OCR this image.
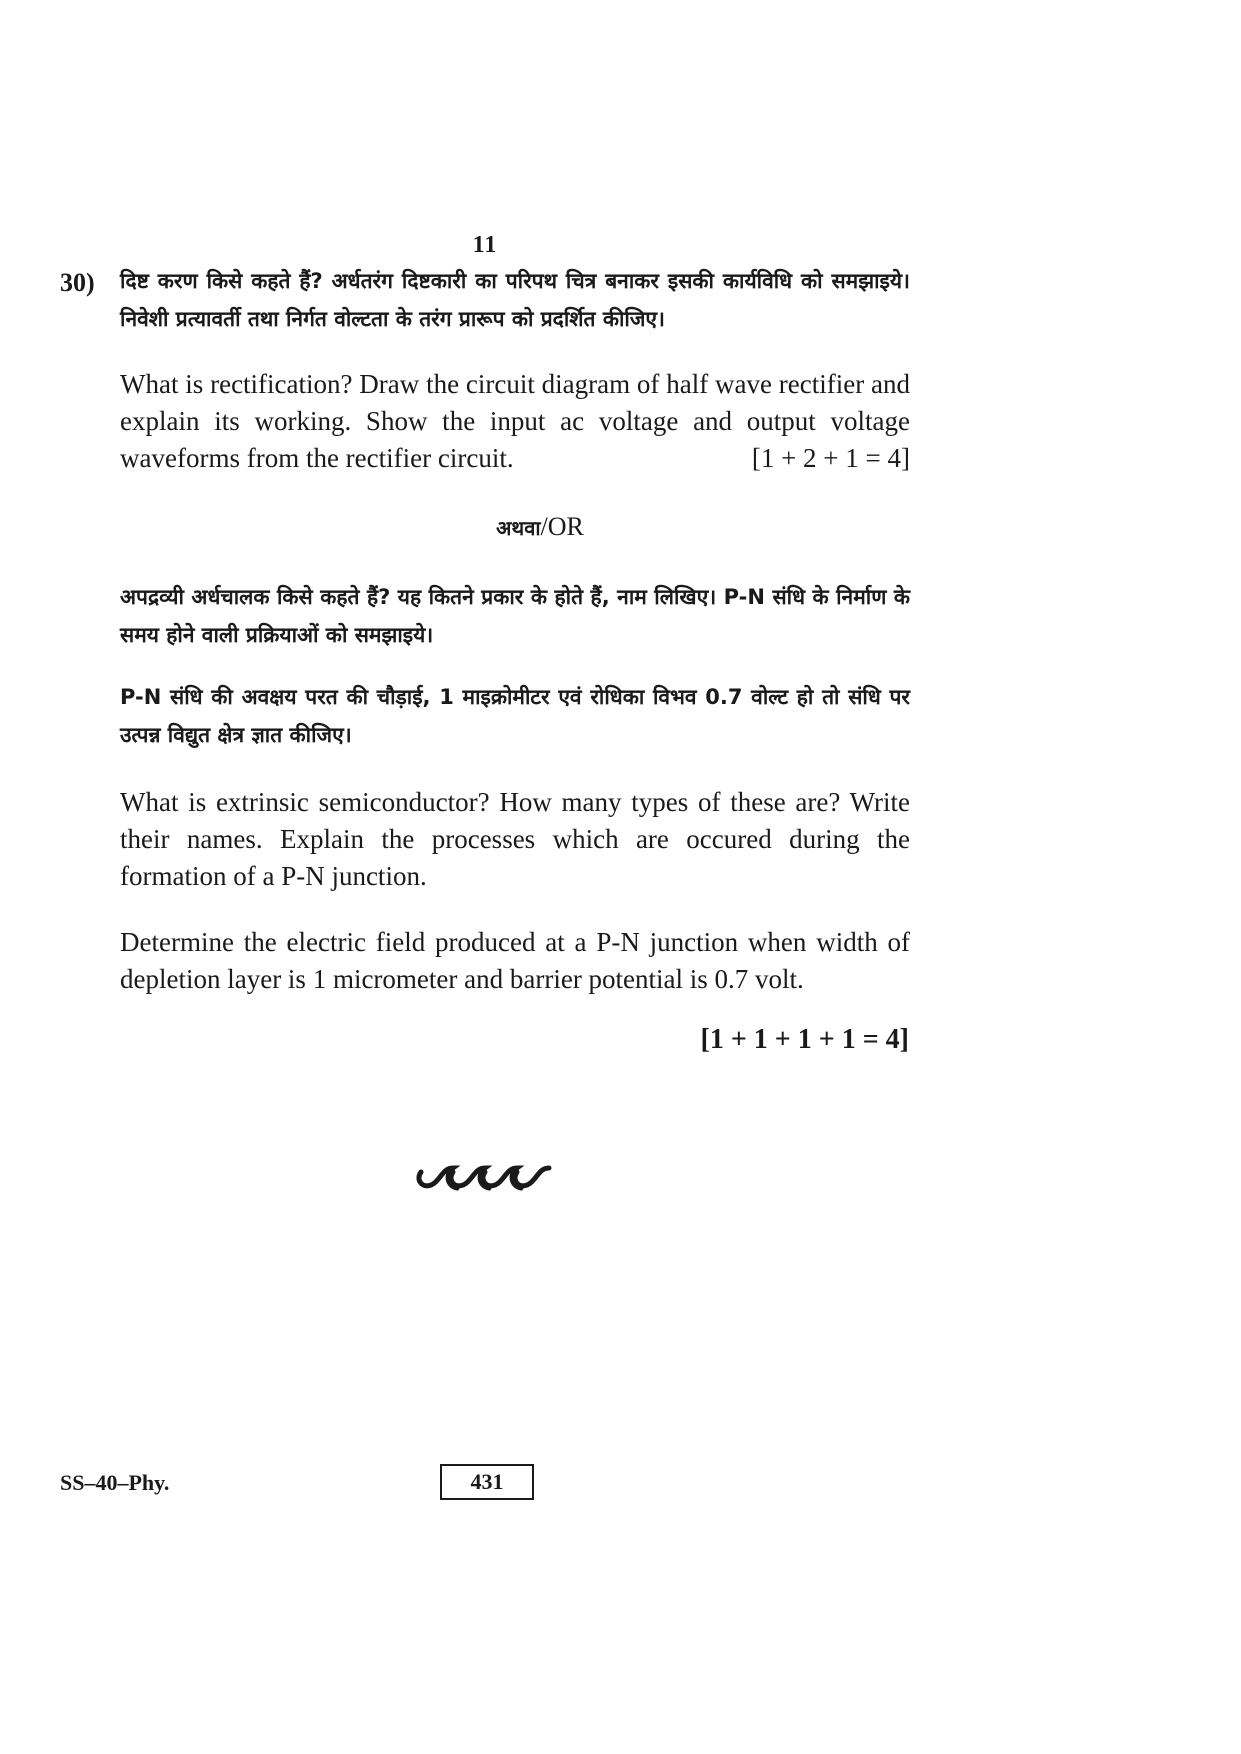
11
30) दिष्ट करण किसे कहते हैं? अर्धतरंग दिष्टकारी का परिपथ चित्र बनाकर इसकी कार्यविधि को समझाइये। निवेशी प्रत्यावर्ती तथा निर्गत वोल्टता के तरंग प्रारूप को प्रदर्शित कीजिए।

What is rectification? Draw the circuit diagram of half wave rectifier and explain its working. Show the input ac voltage and output voltage waveforms from the rectifier circuit.	[1 + 2 + 1 = 4]

अथवा/OR

अपद्रव्यी अर्धचालक किसे कहते हैं? यह कितने प्रकार के होते हैं, नाम लिखिए। P-N संधि के निर्माण के समय होने वाली प्रक्रियाओं को समझाइये।

P-N संधि की अवक्षय परत की चौड़ाई, 1 माइक्रोमीटर एवं रोधिका विभव 0.7 वोल्ट हो तो संधि पर उत्पन्न विद्युत क्षेत्र ज्ञात कीजिए।

What is extrinsic semiconductor? How many types of these are? Write their names. Explain the processes which are occured during the formation of a P-N junction.

Determine the electric field produced at a P-N junction when width of depletion layer is 1 micrometer and barrier potential is 0.7 volt.

[1 + 1 + 1 + 1 = 4]
SS–40–Phy.	431
